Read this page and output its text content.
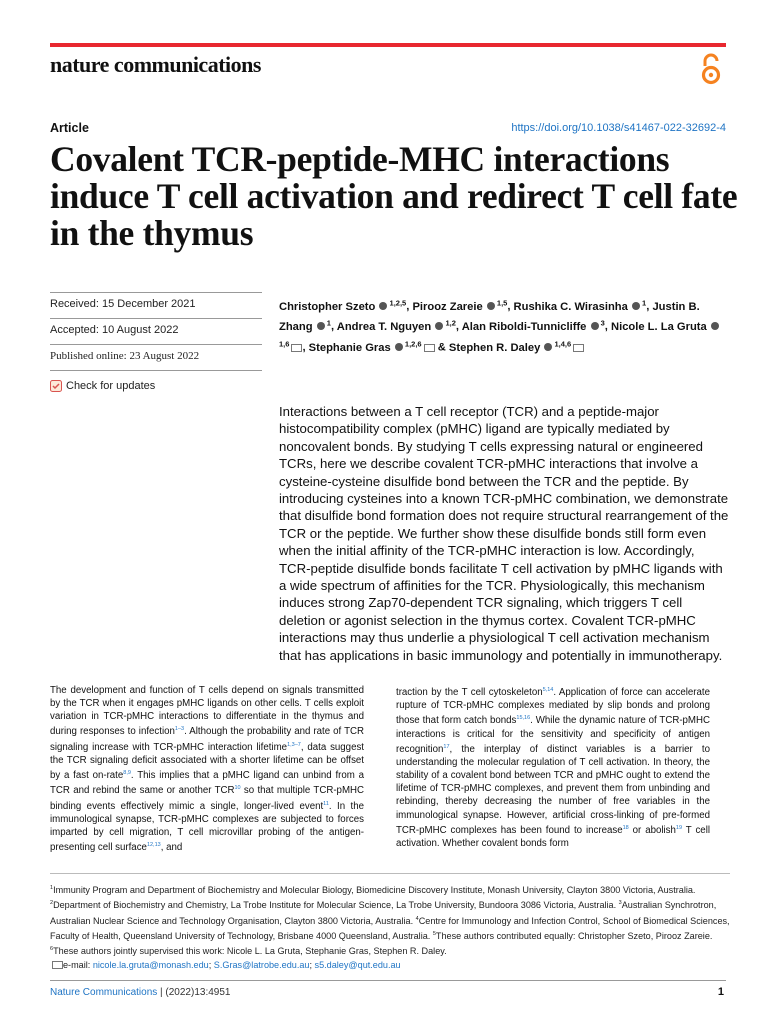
nature communications
Article	https://doi.org/10.1038/s41467-022-32692-4
Covalent TCR-peptide-MHC interactions induce T cell activation and redirect T cell fate in the thymus
Received: 15 December 2021
Accepted: 10 August 2022
Published online: 23 August 2022
Check for updates
Christopher Szeto  $^{1,2,5}$, Pirooz Zareie  $^{1,5}$, Rushika C. Wirasinha  $^1$, Justin B. Zhang  $^1$, Andrea T. Nguyen  $^{1,2}$, Alan Riboldi-Tunnicliffe  $^3$, Nicole L. La Gruta  $^{1,6}$ , Stephanie Gras  $^{1,2,6}$ & Stephen R. Daley  $^{1,4,6}$

Interactions between a T cell receptor (TCR) and a peptide-major histocompatibility complex (pMHC) ligand are typically mediated by noncovalent bonds. By studying T cells expressing natural or engineered TCRs, here we describe covalent TCR-pMHC interactions that involve a cysteine-cysteine disulfide bond between the TCR and the peptide. By introducing cysteines into a known TCR-pMHC combination, we demonstrate that disulfide bond formation does not require structural rearrangement of the TCR or the peptide. We further show these disulfide bonds still form even when the initial affinity of the TCR-pMHC interaction is low. Accordingly, TCR-peptide disulfide bonds facilitate T cell activation by pMHC ligands with a wide spectrum of affinities for the TCR. Physiologically, this mechanism induces strong Zap70-dependent TCR signaling, which triggers T cell deletion or agonist selection in the thymus cortex. Covalent TCR-pMHC interactions may thus underlie a physiological T cell activation mechanism that has applications in basic immunology and potentially in immunotherapy.

The development and function of T cells depend on signals transmitted by the TCR when it engages pMHC ligands on other cells. T cells exploit variation in TCR-pMHC interactions to differentiate in the thymus and during responses to infection$^{1-3}$. Although the probability and rate of TCR signaling increase with TCR-pMHC interaction lifetime$^{1,3-7}$, data suggest the TCR signaling deficit associated with a shorter lifetime can be offset by a fast on-rate$^{8,9}$. This implies that a pMHC ligand can unbind from a TCR and rebind the same or another TCR$^{10}$ so that multiple TCR-pMHC binding events effectively mimic a single, longer-lived event$^{11}$. In the immunological synapse, TCR-pMHC complexes are subjected to forces imparted by cell migration, T cell microvillar probing of the antigen-presenting cell surface$^{12,13}$, and
traction by the T cell cytoskeleton$^{5,14}$. Application of force can accelerate rupture of TCR-pMHC complexes mediated by slip bonds and prolong those that form catch bonds$^{15,16}$. While the dynamic nature of TCR-pMHC interactions is critical for the sensitivity and specificity of antigen recognition$^{17}$, the interplay of distinct variables is a barrier to understanding the molecular regulation of T cell activation. In theory, the stability of a covalent bond between TCR and pMHC ought to extend the lifetime of TCR-pMHC complexes, and prevent them from unbinding and rebinding, thereby decreasing the number of free variables in the immunological synapse. However, artificial cross-linking of pre-formed TCR-pMHC complexes has been found to increase$^{18}$ or abolish$^{19}$ T cell activation. Whether covalent bonds form
$^1$Immunity Program and Department of Biochemistry and Molecular Biology, Biomedicine Discovery Institute, Monash University, Clayton 3800 Victoria, Australia. $^2$Department of Biochemistry and Chemistry, La Trobe Institute for Molecular Science, La Trobe University, Bundoora 3086 Victoria, Australia. $^3$Australian Synchrotron, Australian Nuclear Science and Technology Organisation, Clayton 3800 Victoria, Australia. $^4$Centre for Immunology and Infection Control, School of Biomedical Sciences, Faculty of Health, Queensland University of Technology, Brisbane 4000 Queensland, Australia. $^5$These authors contributed equally: Christopher Szeto, Pirooz Zareie. $^6$These authors jointly supervised this work: Nicole L. La Gruta, Stephanie Gras, Stephen R. Daley.
e-mail: nicole.la.gruta@monash.edu; S.Gras@latrobe.edu.au; s5.daley@qut.edu.au
Nature Communications | (2022)13:4951	1
